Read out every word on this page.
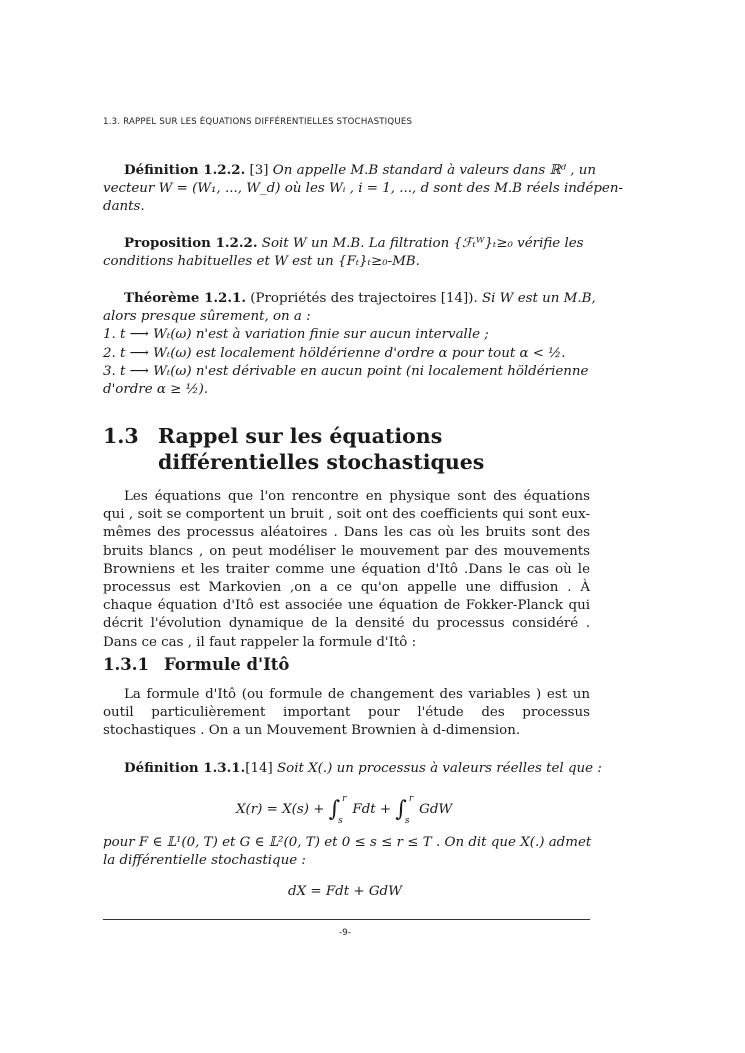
1.3. RAPPEL SUR LES ÉQUATIONS DIFFÉRENTIELLES STOCHASTIQUES
Définition 1.2.2. [3] On appelle M.B standard à valeurs dans ℝᵈ , un
vecteur W = (W₁, ..., W_d) où les Wᵢ , i = 1, ..., d sont des M.B réels indépen-
dants.
Proposition 1.2.2. Soit W un M.B. La filtration {ℱₜᵂ}ₜ≥₀ vérifie les
conditions habituelles et W est un {Fₜ}ₜ≥₀-MB.
Théorème 1.2.1. (Propriétés des trajectoires [14]). Si W est un M.B,
alors presque sûrement, on a :
1. t ⟶ Wₜ(ω) n'est à variation finie sur aucun intervalle ;
2. t ⟶ Wₜ(ω) est localement höldérienne d'ordre α pour tout α < ½.
3. t ⟶ Wₜ(ω) n'est dérivable en aucun point (ni localement höldérienne
d'ordre α ≥ ½).
1.3 Rappel sur les équations différentielles stochastiques
Les équations que l'on rencontre en physique sont des équations qui , soit se comportent un bruit , soit ont des coefficients qui sont eux-mêmes des processus aléatoires . Dans les cas où les bruits sont des bruits blancs , on peut modéliser le mouvement par des mouvements Browniens et les traiter comme une équation d'Itô .Dans le cas où le processus est Markovien ,on a ce qu'on appelle une diffusion . À chaque équation d'Itô est associée une équation de Fokker-Planck qui décrit l'évolution dynamique de la densité du processus considéré . Dans ce cas , il faut rappeler la formule d'Itô :
1.3.1 Formule d'Itô
La formule d'Itô (ou formule de changement des variables ) est un outil particulièrement important pour l'étude des processus stochastiques . On a un Mouvement Brownien à d-dimension.
Définition 1.3.1.[14] Soit X(.) un processus à valeurs réelles tel que :
X(r) = X(s) + ∫ r
s
Fdt + ∫ r
s
GdW
pour F ∈ 𝕃¹(0, T) et G ∈ 𝕃²(0, T) et 0 ≤ s ≤ r ≤ T . On dit que X(.) admet
la différentielle stochastique :
dX = Fdt + GdW
-9-
